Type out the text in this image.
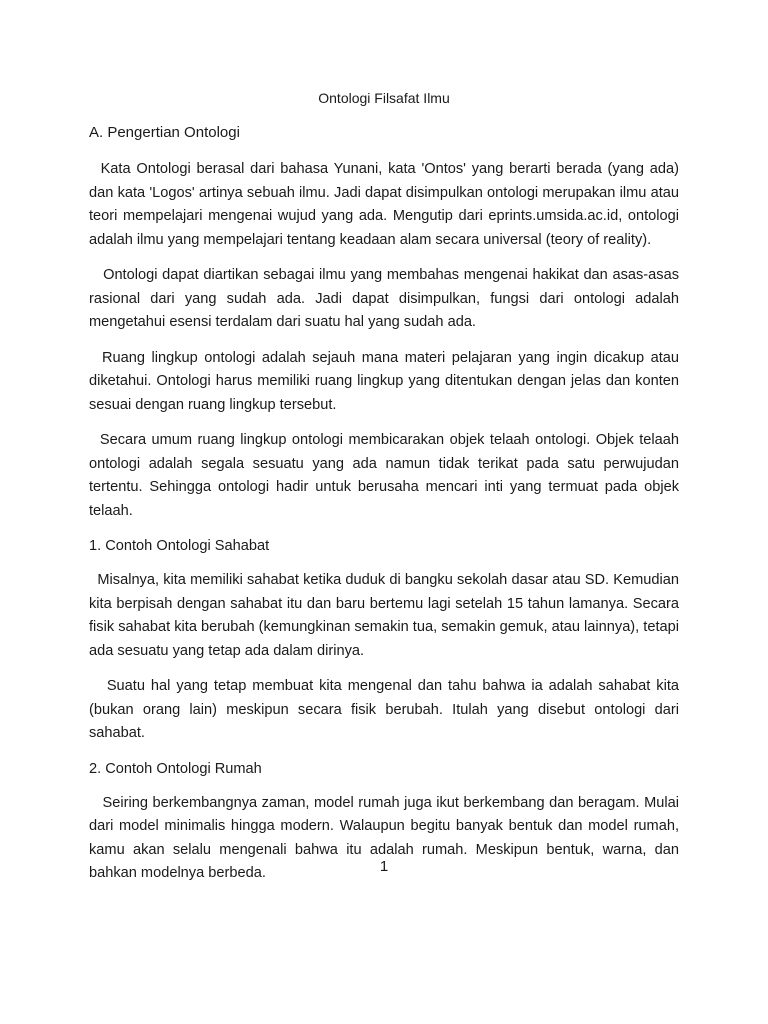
Ontologi Filsafat Ilmu
A. Pengertian Ontologi

Kata Ontologi berasal dari bahasa Yunani, kata 'Ontos' yang berarti berada (yang ada) dan kata 'Logos' artinya sebuah ilmu. Jadi dapat disimpulkan ontologi merupakan ilmu atau teori mempelajari mengenai wujud yang ada. Mengutip dari eprints.umsida.ac.id, ontologi adalah ilmu yang mempelajari tentang keadaan alam secara universal (teory of reality).

Ontologi dapat diartikan sebagai ilmu yang membahas mengenai hakikat dan asas-asas rasional dari yang sudah ada. Jadi dapat disimpulkan, fungsi dari ontologi adalah mengetahui esensi terdalam dari suatu hal yang sudah ada.

Ruang lingkup ontologi adalah sejauh mana materi pelajaran yang ingin dicakup atau diketahui. Ontologi harus memiliki ruang lingkup yang ditentukan dengan jelas dan konten sesuai dengan ruang lingkup tersebut.

Secara umum ruang lingkup ontologi membicarakan objek telaah ontologi. Objek telaah ontologi adalah segala sesuatu yang ada namun tidak terikat pada satu perwujudan tertentu. Sehingga ontologi hadir untuk berusaha mencari inti yang termuat pada objek telaah.

1. Contoh Ontologi Sahabat

Misalnya, kita memiliki sahabat ketika duduk di bangku sekolah dasar atau SD. Kemudian kita berpisah dengan sahabat itu dan baru bertemu lagi setelah 15 tahun lamanya. Secara fisik sahabat kita berubah (kemungkinan semakin tua, semakin gemuk, atau lainnya), tetapi ada sesuatu yang tetap ada dalam dirinya.

Suatu hal yang tetap membuat kita mengenal dan tahu bahwa ia adalah sahabat kita (bukan orang lain) meskipun secara fisik berubah. Itulah yang disebut ontologi dari sahabat.

2. Contoh Ontologi Rumah

Seiring berkembangnya zaman, model rumah juga ikut berkembang dan beragam. Mulai dari model minimalis hingga modern. Walaupun begitu banyak bentuk dan model rumah, kamu akan selalu mengenali bahwa itu adalah rumah. Meskipun bentuk, warna, dan bahkan modelnya berbeda.	1
